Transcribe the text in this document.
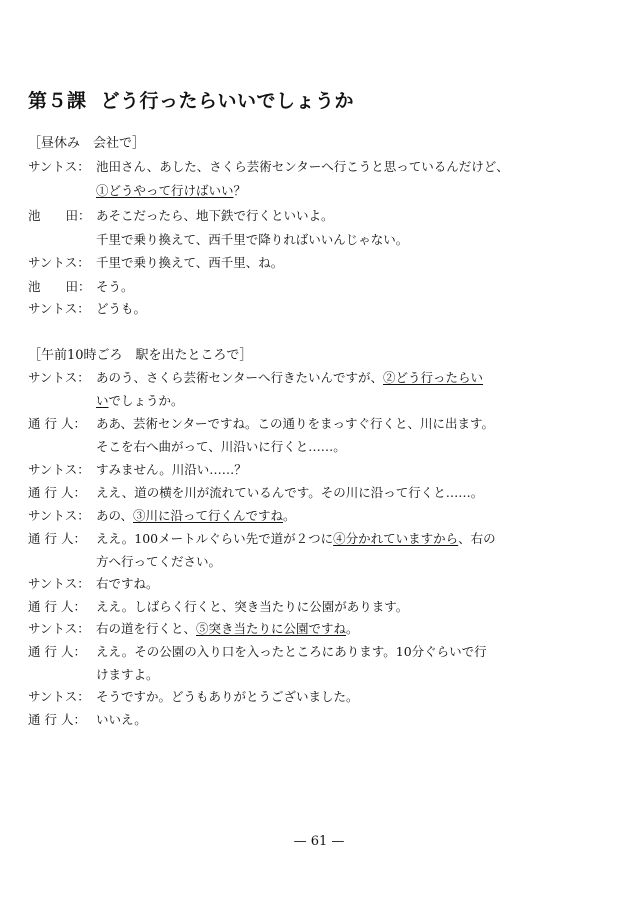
第５課 どう行ったらいいでしょうか
［昼休み　会社で］
サントス： 池田さん、あした、さくら芸術センターへ行こうと思っているんだけど、
①どうやって行けばいい？
池　　田： あそこだったら、地下鉄で行くといいよ。
千里で乗り換えて、西千里で降りればいいんじゃない。
サントス： 千里で乗り換えて、西千里、ね。
池　　田： そう。
サントス： どうも。
［午前10時ごろ　駅を出たところで］
サントス： あのう、さくら芸術センターへ行きたいんですが、②どう行ったらい
いでしょうか。
通 行 人： ああ、芸術センターですね。この通りをまっすぐ行くと、川に出ます。
そこを右へ曲がって、川沿いに行くと……。
サントス： すみません。川沿い……？
通 行 人： ええ、道の横を川が流れているんです。その川に沿って行くと……。
サントス： あの、③川に沿って行くんですね。
通 行 人： ええ。100メートルぐらい先で道が２つに④分かれていますから、右の
方へ行ってください。
サントス： 右ですね。
通 行 人： ええ。しばらく行くと、突き当たりに公園があります。
サントス： 右の道を行くと、⑤突き当たりに公園ですね。
通 行 人： ええ。その公園の入り口を入ったところにあります。10分ぐらいで行
けますよ。
サントス： そうですか。どうもありがとうございました。
通 行 人： いいえ。
— 61 —
